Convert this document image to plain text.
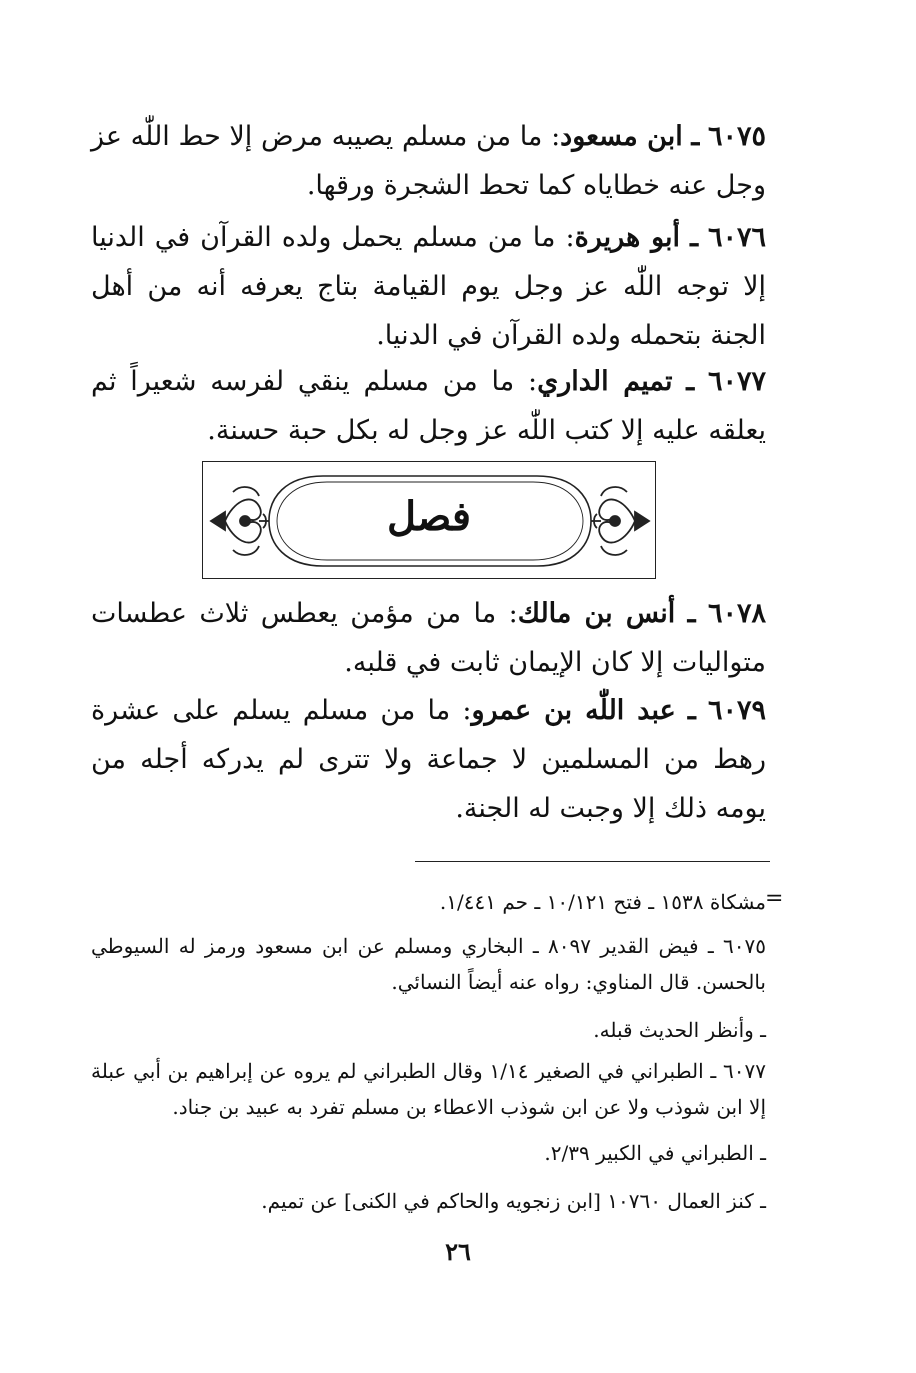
٦٠٧٥ ـ ابن مسعود: ما من مسلم يصيبه مرض إلا حط اللّٰه عز وجل عنه خطاياه كما تحط الشجرة ورقها.

٦٠٧٦ ـ أبو هريرة: ما من مسلم يحمل ولده القرآن في الدنيا إلا توجه اللّٰه عز وجل يوم القيامة بتاج يعرفه أنه من أهل الجنة بتحمله ولده القرآن في الدنيا.

٦٠٧٧ ـ تميم الداري: ما من مسلم ينقي لفرسه شعيراً ثم يعلقه عليه إلا كتب اللّٰه عز وجل له بكل حبة حسنة.

فصل

٦٠٧٨ ـ أنس بن مالك: ما من مؤمن يعطس ثلاث عطسات متواليات إلا كان الإيمان ثابت في قلبه.

٦٠٧٩ ـ عبد اللّٰه بن عمرو: ما من مسلم يسلم على عشرة رهط من المسلمين لا جماعة ولا تترى لم يدركه أجله من يومه ذلك إلا وجبت له الجنة.

=

مشكاة ١٥٣٨ ـ فتح ١٠/١٢١ ـ حم ١/٤٤١.

٦٠٧٥ ـ فيض القدير ٨٠٩٧ ـ البخاري ومسلم عن ابن مسعود ورمز له السيوطي بالحسن. قال المناوي: رواه عنه أيضاً النسائي.

ـ وأنظر الحديث قبله.

٦٠٧٧ ـ الطبراني في الصغير ١/١٤ وقال الطبراني لم يروه عن إبراهيم بن أبي عبلة إلا ابن شوذب ولا عن ابن شوذب الاعطاء بن مسلم تفرد به عبيد بن جناد.

ـ الطبراني في الكبير ٢/٣٩.

ـ كنز العمال ١٠٧٦٠ [ابن زنجويه والحاكم في الكنى] عن تميم.

٢٦
